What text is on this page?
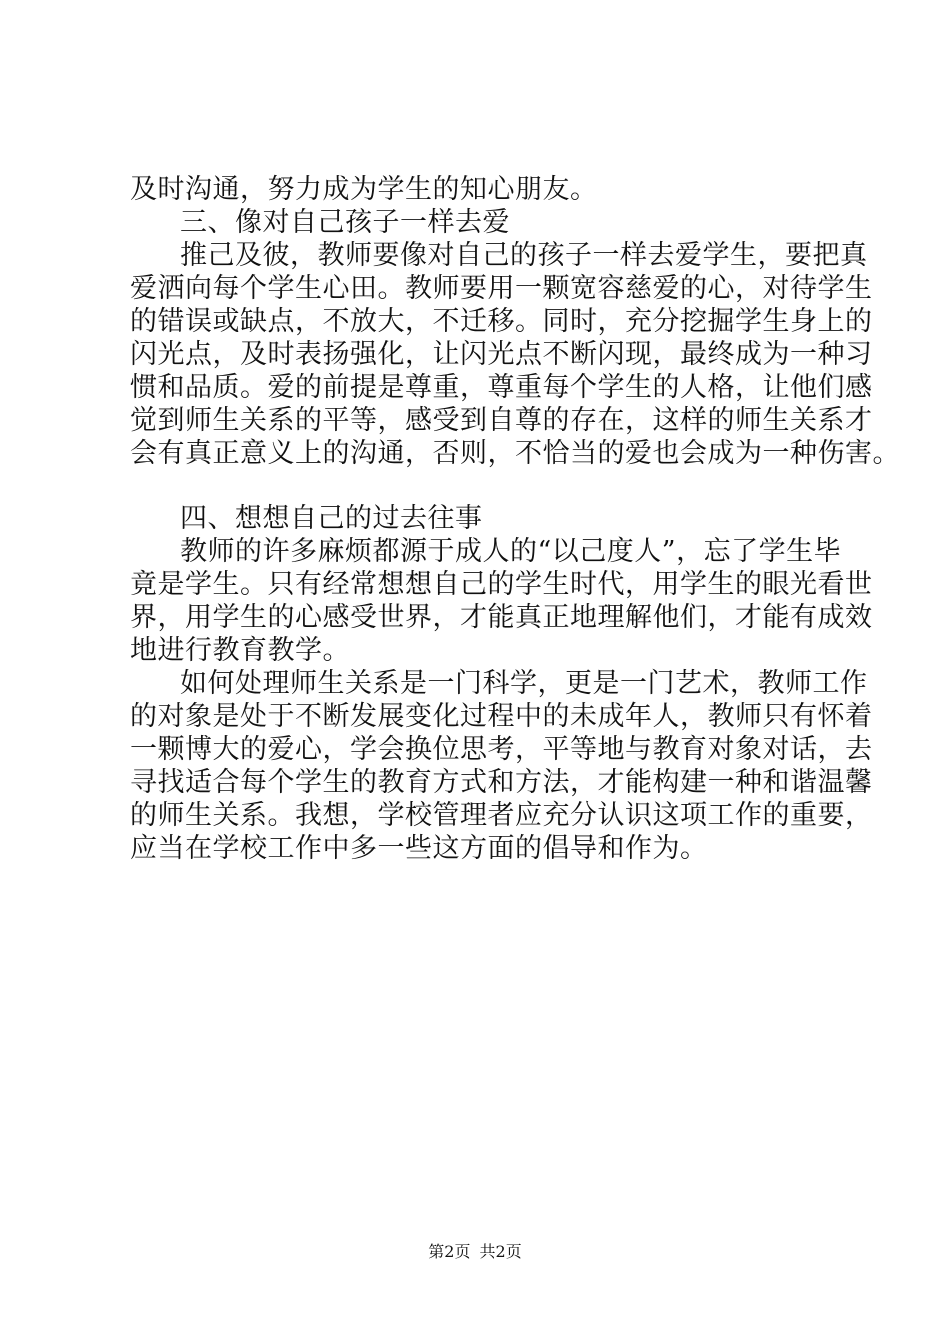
及时沟通，努力成为学生的知心朋友。
三、像对自己孩子一样去爱
推己及彼，教师要像对自己的孩子一样去爱学生，要把真
爱洒向每个学生心田。教师要用一颗宽容慈爱的心，对待学生
的错误或缺点，不放大，不迁移。同时，充分挖掘学生身上的
闪光点，及时表扬强化，让闪光点不断闪现，最终成为一种习
惯和品质。爱的前提是尊重，尊重每个学生的人格，让他们感
觉到师生关系的平等，感受到自尊的存在，这样的师生关系才
会有真正意义上的沟通，否则，不恰当的爱也会成为一种伤害。
四、想想自己的过去往事
教师的许多麻烦都源于成人的“以己度人”，忘了学生毕
竟是学生。只有经常想想自己的学生时代，用学生的眼光看世
界，用学生的心感受世界，才能真正地理解他们，才能有成效
地进行教育教学。
如何处理师生关系是一门科学，更是一门艺术，教师工作
的对象是处于不断发展变化过程中的未成年人，教师只有怀着
一颗博大的爱心，学会换位思考，平等地与教育对象对话，去
寻找适合每个学生的教育方式和方法，才能构建一种和谐温馨
的师生关系。我想，学校管理者应充分认识这项工作的重要，
应当在学校工作中多一些这方面的倡导和作为。
第2页 共2页
